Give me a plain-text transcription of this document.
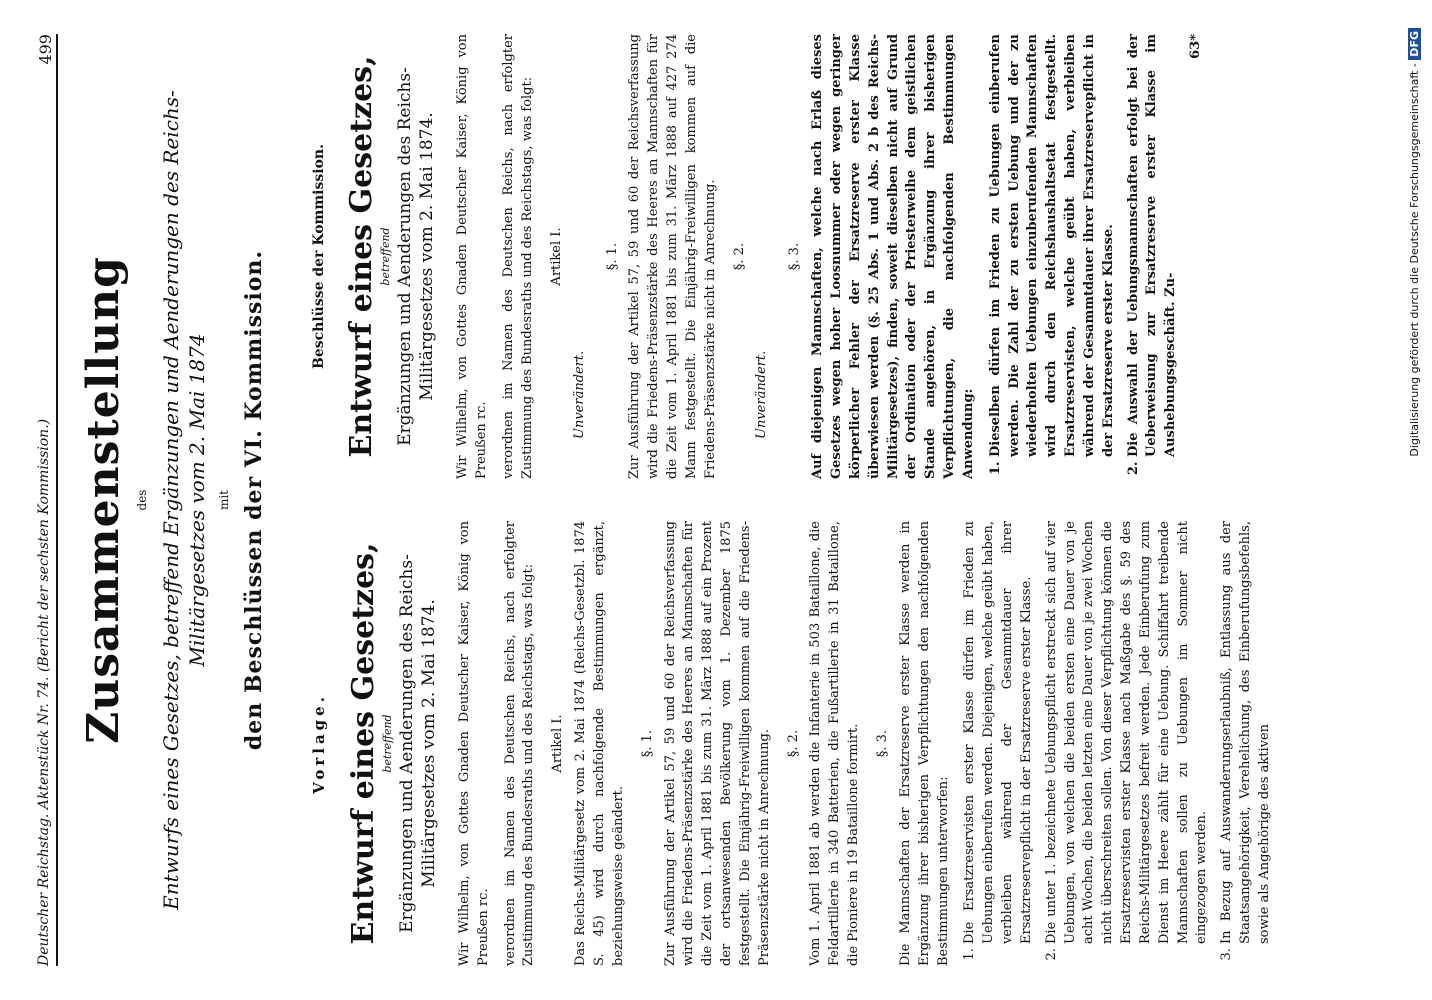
Deutscher Reichstag. Aktenstück Nr. 74. (Bericht der sechsten Kommission.)
499
Zusammenstellung des Entwurfs eines Gesetzes, betreffend Ergänzungen und Aenderungen des Reichs-Militärgesetzes vom 2. Mai 1874 mit den Beschlüssen der VI. Kommission.	Vorlage. Entwurf eines Gesetzes, betreffend Ergänzungen und Aenderungen des Reichs-Militärgesetzes vom 2. Mai 1874. Wir Wilhelm, von Gottes Gnaden Deutscher Kaiser, König von Preußen rc. verordnen im Namen des Deutschen Reichs, nach erfolgter Zustimmung des Bundesraths und des Reichstags, was folgt: Artikel I. Das Reichs-Militärgesetz vom 2. Mai 1874 (Reichs-Gesetzbl. 1874 S. 45) wird durch nachfolgende Bestimmungen ergänzt, beziehungsweise geändert.

§. 1. Zur Ausführung der Artikel 57, 59 und 60 der Reichsverfassung wird die Friedens-Präsenzstärke des Heeres an Mannschaften für die Zeit vom 1. April 1881 bis zum 31. März 1888 auf ein Prozent der ortsanwesenden Bevölkerung vom 1. Dezember 1875 festgestellt. Die Einjährig-Freiwilligen kommen auf die Friedens-Präsenzstärke nicht in Anrechnung. §. 2. Vom 1. April 1881 ab werden die Infanterie in 503 Bataillone, die Feldartillerie in 340 Batterien, die Fußartillerie in 31 Bataillone, die Pioniere in 19 Bataillone formirt. §. 3. Die Mannschaften der Ersatzreserve erster Klasse werden in Ergänzung ihrer bisherigen Verpflichtungen den nachfolgenden Bestimmungen unterworfen: 1. Die Ersatzreservisten erster Klasse dürfen im Frieden zu Uebungen einberufen werden. Diejenigen, welche geübt haben, verbleiben während der Gesammtdauer ihrer Ersatzreservepflicht in der Ersatzreserve erster Klasse. 2. Die unter 1. bezeichnete Uebungspflicht erstreckt sich auf vier Uebungen, von welchen die beiden ersten eine Dauer von je acht Wochen, die beiden letzten eine Dauer von je zwei Wochen nicht überschreiten sollen. Von dieser Verpflichtung können die Ersatzreservisten erster Klasse nach Maßgabe des §. 59 des Reichs-Militärgesetzes befreit werden. Jede Einberufung zum Dienst im Heere zählt für eine Uebung. Schiffahrt treibende Mannschaften sollen zu Uebungen im Sommer nicht eingezogen werden. 3. In Bezug auf Auswanderungserlaubniß, Entlassung aus der Staatsangehörigkeit, Verehelichung, des Einberufungsbefehls, sowie als Angehörige des aktiven
Beschlüsse der Kommission. Entwurf eines Gesetzes, betreffend Ergänzungen und Aenderungen des Reichs-Militärgesetzes vom 2. Mai 1874. Wir Wilhelm, von Gottes Gnaden Deutscher Kaiser, König von Preußen rc. verordnen im Namen des Deutschen Reichs, nach erfolgter Zustimmung des Bundesraths und des Reichstags, was folgt: Artikel I.
Unverändert.
§. 1. Zur Ausführung der Artikel 57, 59 und 60 der Reichsverfassung wird die Friedens-Präsenzstärke des Heeres an Mannschaften für die Zeit vom 1. April 1881 bis zum 31. März 1888 auf 427 274 Mann festgestellt. Die Einjährig-Freiwilligen kommen auf die Friedens-Präsenzstärke nicht in Anrechnung. §. 2.
Unverändert.
§. 3. Auf diejenigen Mannschaften, welche nach Erlaß dieses Gesetzes wegen hoher Loosnummer oder wegen geringer körperlicher Fehler der Ersatzreserve erster Klasse überwiesen werden (§. 25 Abs. 1 und Abs. 2 b des Reichs-Militärgesetzes), finden, soweit dieselben nicht auf Grund der Ordination oder der Priesterweihe dem geistlichen Stande angehören, in Ergänzung ihrer bisherigen Verpflichtungen, die nachfolgenden Bestimmungen Anwendung: 1. Dieselben dürfen im Frieden zu Uebungen einberufen werden. Die Zahl der zu ersten Uebung und der zu wiederholten Uebungen einzuberufenden Mannschaften wird durch den Reichshaushaltsetat festgestellt. Ersatzreservisten, welche geübt haben, verbleiben während der Gesammtdauer ihrer Ersatzreservepflicht in der Ersatzreserve erster Klasse. 2. Die Auswahl der Uebungsmannschaften erfolgt bei der Ueberweisung zur Ersatzreserve erster Klasse im Aushebungsgeschäft. Zu-
63*
Digitalisierung gefördert durch die Deutsche Forschungsgemeinschaft - DFG
